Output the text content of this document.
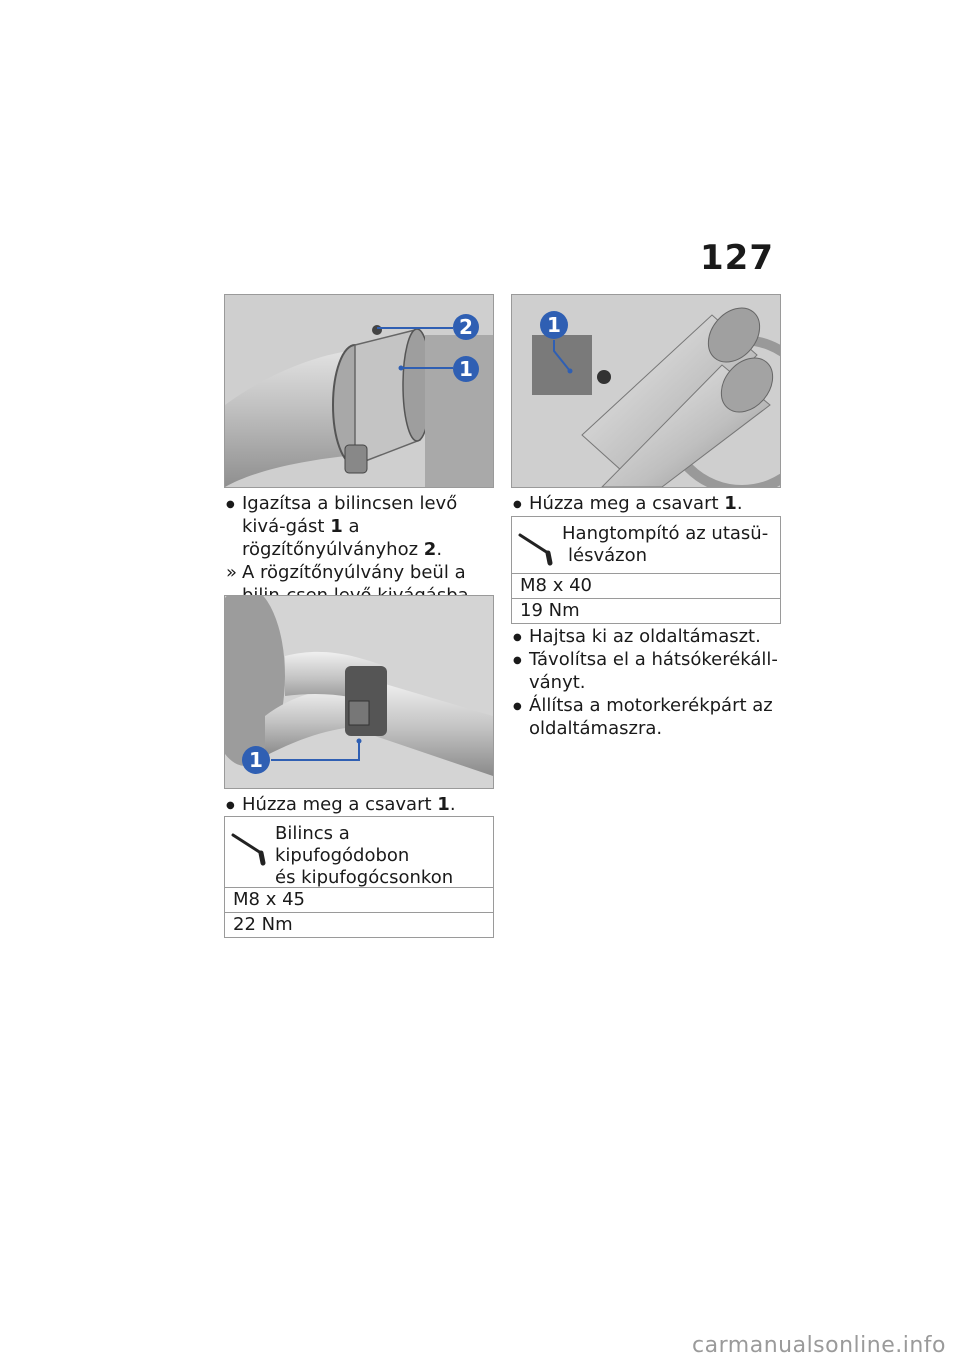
127
2
1
●
Igazítsa a bilincsen levő kivá-gást 1 a rögzítőnyúlványhoz 2.
» A rögzítőnyúlvány beül a
1
●
Húzza meg a csavart 1.
Bilincs a kipufogódobon
és kipufogócsonkon
M8 x 45
22 Nm
1
●
Húzza meg a csavart 1.
Hangtompító az utasü-
lésvázon
M8 x 40
19 Nm
●
Hajtsa ki az oldaltámaszt.
●
Távolítsa el a hátsókerékáll-ványt.
●
Állítsa a motorkerékpárt az oldaltámaszra.
carmanualsonline.info
